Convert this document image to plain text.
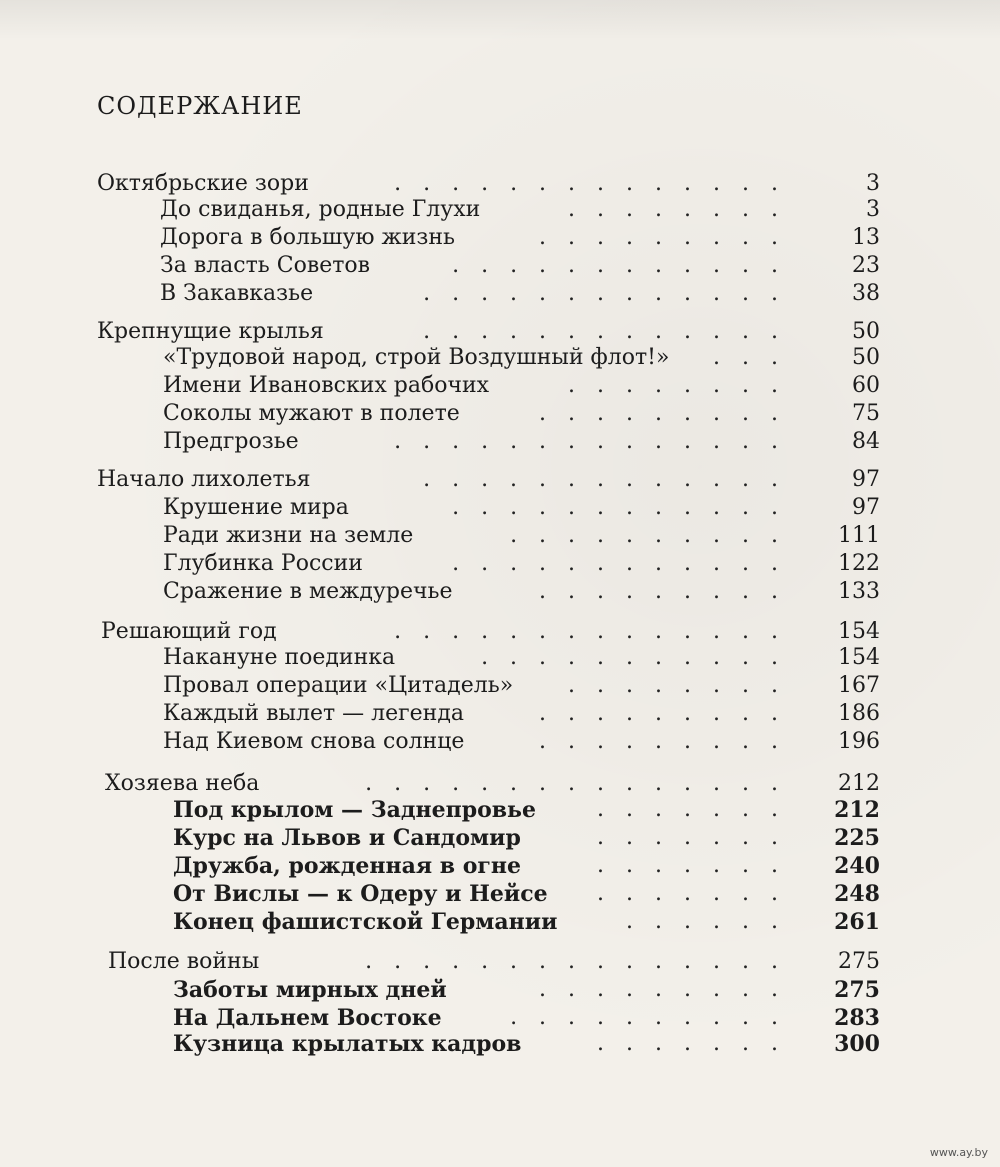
СОДЕРЖАНИЕ
Октябрьские зори	..............	3
До свиданья, родные Глухи	........	3
Дорога в большую жизнь	.........	13
За власть Советов	............	23
В Закавказье	.............	38
Крепнущие крылья	.............	50
«Трудовой народ, строй Воздушный флот!»	...	50
Имени Ивановских рабочих	........	60
Соколы мужают в полете	.........	75
Предгрозье	..............	84
Начало лихолетья	.............	97
Крушение мира	............	97
Ради жизни на земле	..........	111
Глубинка России	............	122
Сражение в междуречье	.........	133
Решающий год	..............	154
Накануне поединка	...........	154
Провал операции «Цитадель»	........	167
Каждый вылет — легенда	.........	186
Над Киевом снова солнце	.........	196
Хозяева неба	...............	212
Под крылом — Заднепровье	.......	212
Курс на Львов и Сандомир	.......	225
Дружба, рожденная в огне	.......	240
От Вислы — к Одеру и Нейсе	.......	248
Конец фашистской Германии	......	261
После войны	...............	275
Заботы мирных дней	.........	275
На Дальнем Востоке	..........	283
Кузница крылатых кадров	.......	300
www.ay.by
